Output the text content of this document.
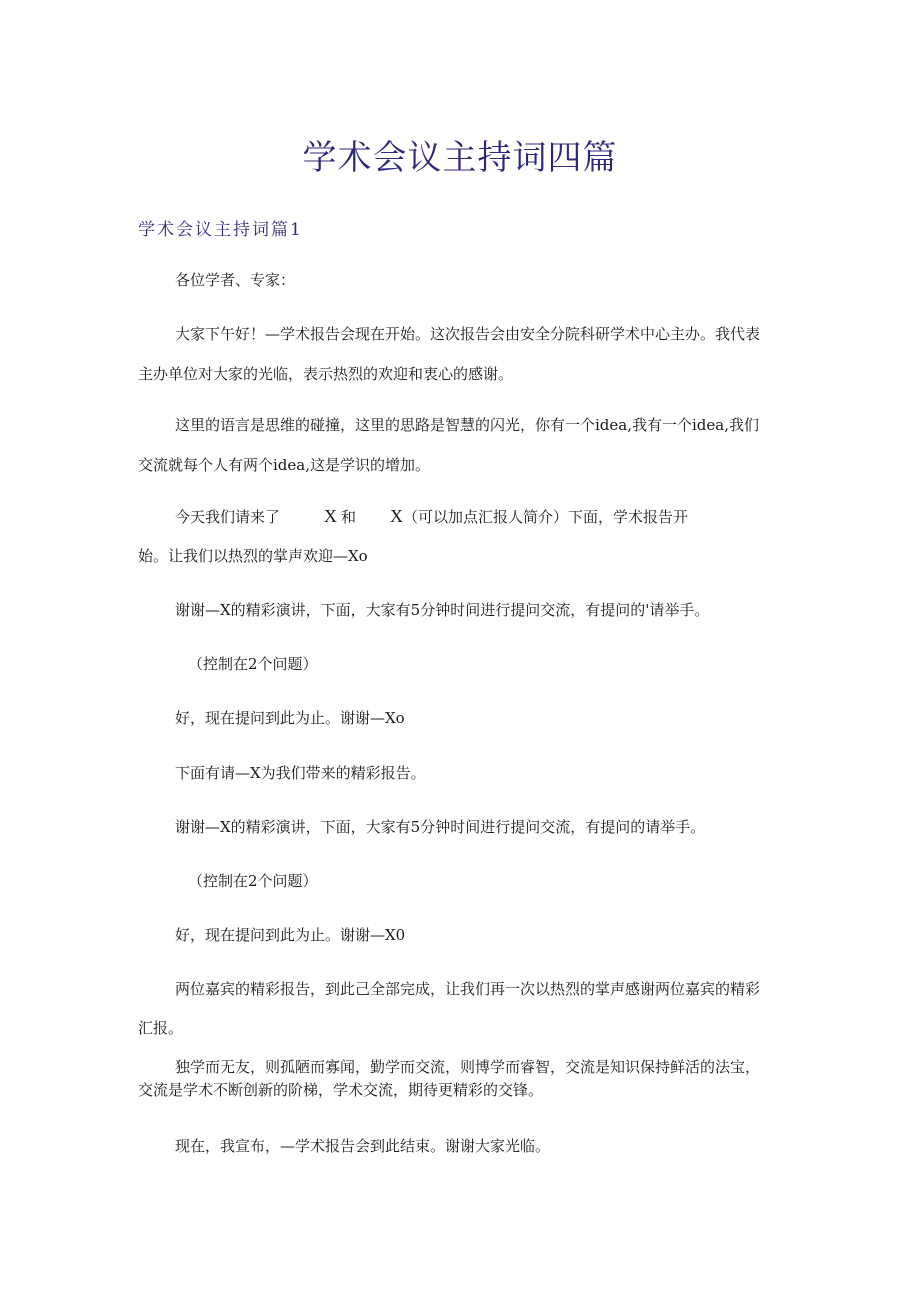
学术会议主持词四篇
学术会议主持词篇1

各位学者、专家：

大家下午好！—学术报告会现在开始。这次报告会由安全分院科研学术中心主办。我代表

主办单位对大家的光临，表示热烈的欢迎和衷心的感谢。

这里的语言是思维的碰撞，这里的思路是智慧的闪光，你有一个idea,我有一个idea,我们

交流就每个人有两个idea,这是学识的增加。

今天我们请来了 X 和 X（可以加点汇报人简介）下面，学术报告开

始。让我们以热烈的掌声欢迎—Xo

谢谢—X的精彩演讲，下面，大家有5分钟时间进行提问交流，有提问的'请举手。

（控制在2个问题）

好，现在提问到此为止。谢谢—Xo

下面有请—X为我们带来的精彩报告。

谢谢—X的精彩演讲，下面，大家有5分钟时间进行提问交流，有提问的请举手。

（控制在2个问题）

好，现在提问到此为止。谢谢—X0

两位嘉宾的精彩报告，到此己全部完成，让我们再一次以热烈的掌声感谢两位嘉宾的精彩

汇报。

独学而无友，则孤陋而寡闻，勤学而交流，则博学而睿智，交流是知识保持鲜活的法宝，

交流是学术不断创新的阶梯，学术交流，期待更精彩的交锋。

现在，我宣布，—学术报告会到此结束。谢谢大家光临。
